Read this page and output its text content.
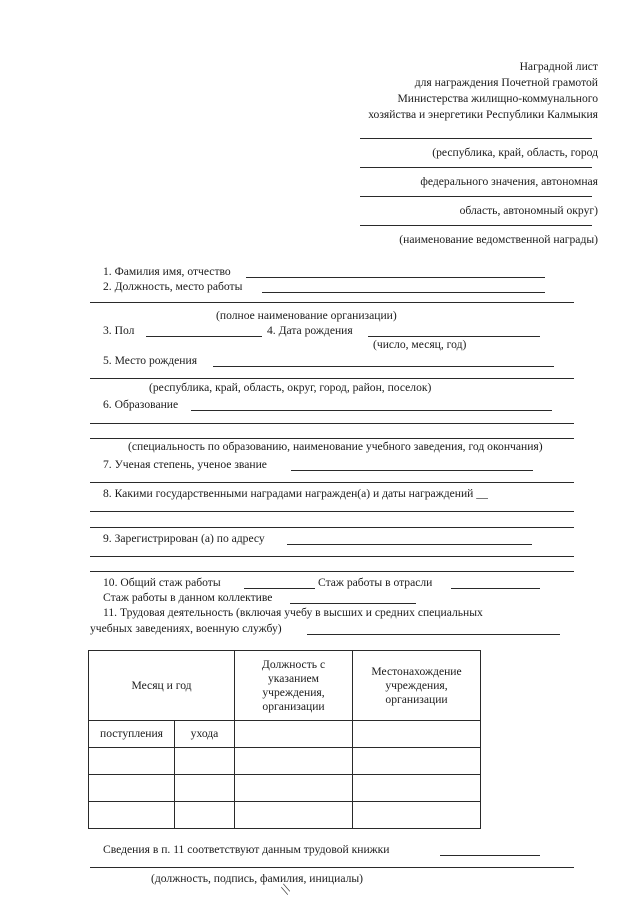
Наградной лист
для награждения Почетной грамотой
Министерства жилищно-коммунального
хозяйства и энергетики Республики Калмыкия
(республика, край, область, город
федерального значения, автономная
область, автономный округ)
(наименование ведомственной награды)
1. Фамилия имя, отчество
2. Должность, место работы
(полное наименование организации)
3. Пол	4. Дата рождения
(число, месяц, год)
5. Место рождения
(республика, край, область, округ, город, район, поселок)
6. Образование
(специальность по образованию, наименование учебного заведения, год окончания)
7. Ученая степень, ученое звание
8. Какими государственными наградами награжден(а) и даты награждений __
9. Зарегистрирован (а) по адресу
10. Общий стаж работы	Стаж работы в отрасли
Стаж работы в данном коллективе
11. Трудовая деятельность (включая учебу в высших и средних специальных
учебных заведениях, военную службу)
Месяц и год		Должность с указанием учреждения, организации	Местонахождение учреждения, организации

поступления	ухода		

Сведения в п. 11 соответствуют данным трудовой книжки
(должность, подпись, фамилия, инициалы)
//
